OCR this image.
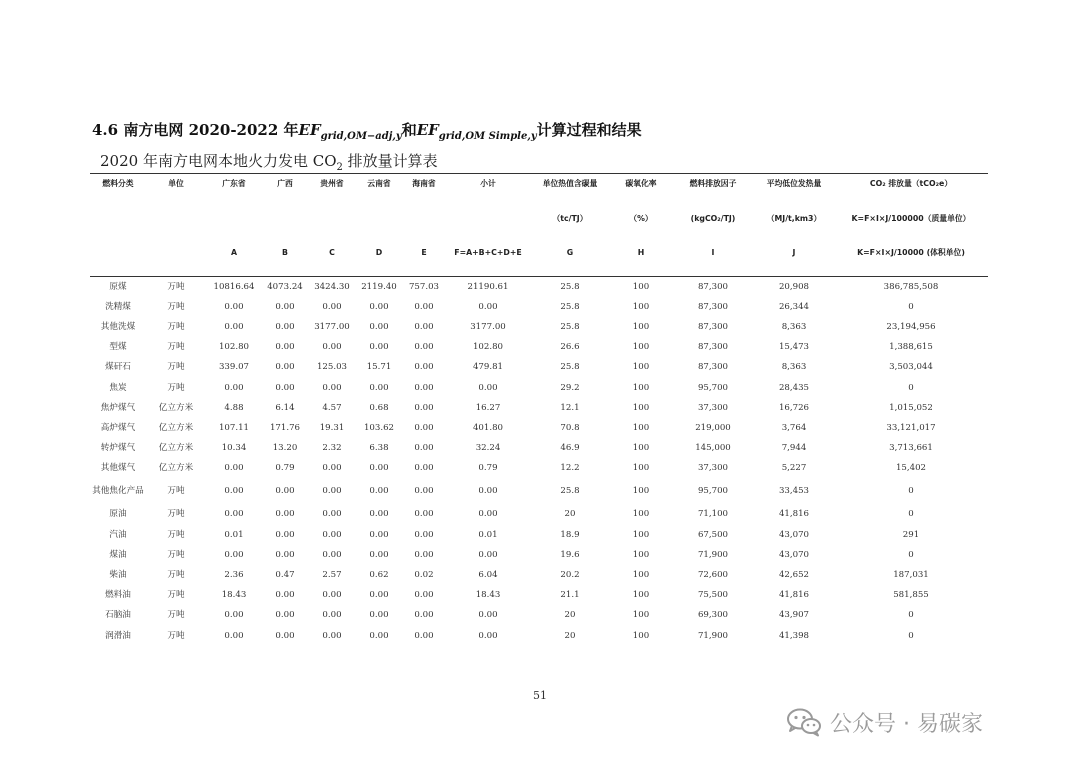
4.6 南方电网 2020-2022 年$EF_{grid,OM-adj,y}$和$EF_{grid,OM Simple,y}$计算过程和结果
2020 年南方电网本地火力发电 $CO_2$ 排放量计算表
燃料分类	单位	广东省	广西	贵州省	云南省	海南省	小计	单位热值含碳量	碳氧化率	燃料排放因子	平均低位发热量	CO₂ 排放量（tCO₂e）
								（tc/TJ）	（%）	(kgCO₂/TJ)	（MJ/t,km3）	K=F×I×J/100000（质量单位）
		A	B	C	D	E	F=A+B+C+D+E	G	H	I	J	K=F×I×J/10000 (体积单位)
原煤	万吨	10816.64	4073.24	3424.30	2119.40	757.03	21190.61	25.8	100	87,300	20,908	386,785,508
洗精煤	万吨	0.00	0.00	0.00	0.00	0.00	0.00	25.8	100	87,300	26,344	0
其他洗煤	万吨	0.00	0.00	3177.00	0.00	0.00	3177.00	25.8	100	87,300	8,363	23,194,956
型煤	万吨	102.80	0.00	0.00	0.00	0.00	102.80	26.6	100	87,300	15,473	1,388,615
煤矸石	万吨	339.07	0.00	125.03	15.71	0.00	479.81	25.8	100	87,300	8,363	3,503,044
焦炭	万吨	0.00	0.00	0.00	0.00	0.00	0.00	29.2	100	95,700	28,435	0
焦炉煤气	亿立方米	4.88	6.14	4.57	0.68	0.00	16.27	12.1	100	37,300	16,726	1,015,052
高炉煤气	亿立方米	107.11	171.76	19.31	103.62	0.00	401.80	70.8	100	219,000	3,764	33,121,017
转炉煤气	亿立方米	10.34	13.20	2.32	6.38	0.00	32.24	46.9	100	145,000	7,944	3,713,661
其他煤气	亿立方米	0.00	0.79	0.00	0.00	0.00	0.79	12.2	100	37,300	5,227	15,402
其他焦化产品	万吨	0.00	0.00	0.00	0.00	0.00	0.00	25.8	100	95,700	33,453	0
原油	万吨	0.00	0.00	0.00	0.00	0.00	0.00	20	100	71,100	41,816	0
汽油	万吨	0.01	0.00	0.00	0.00	0.00	0.01	18.9	100	67,500	43,070	291
煤油	万吨	0.00	0.00	0.00	0.00	0.00	0.00	19.6	100	71,900	43,070	0
柴油	万吨	2.36	0.47	2.57	0.62	0.02	6.04	20.2	100	72,600	42,652	187,031
燃料油	万吨	18.43	0.00	0.00	0.00	0.00	18.43	21.1	100	75,500	41,816	581,855
石脑油	万吨	0.00	0.00	0.00	0.00	0.00	0.00	20	100	69,300	43,907	0
润滑油	万吨	0.00	0.00	0.00	0.00	0.00	0.00	20	100	71,900	41,398	0
51
公众号 · 易碳家
